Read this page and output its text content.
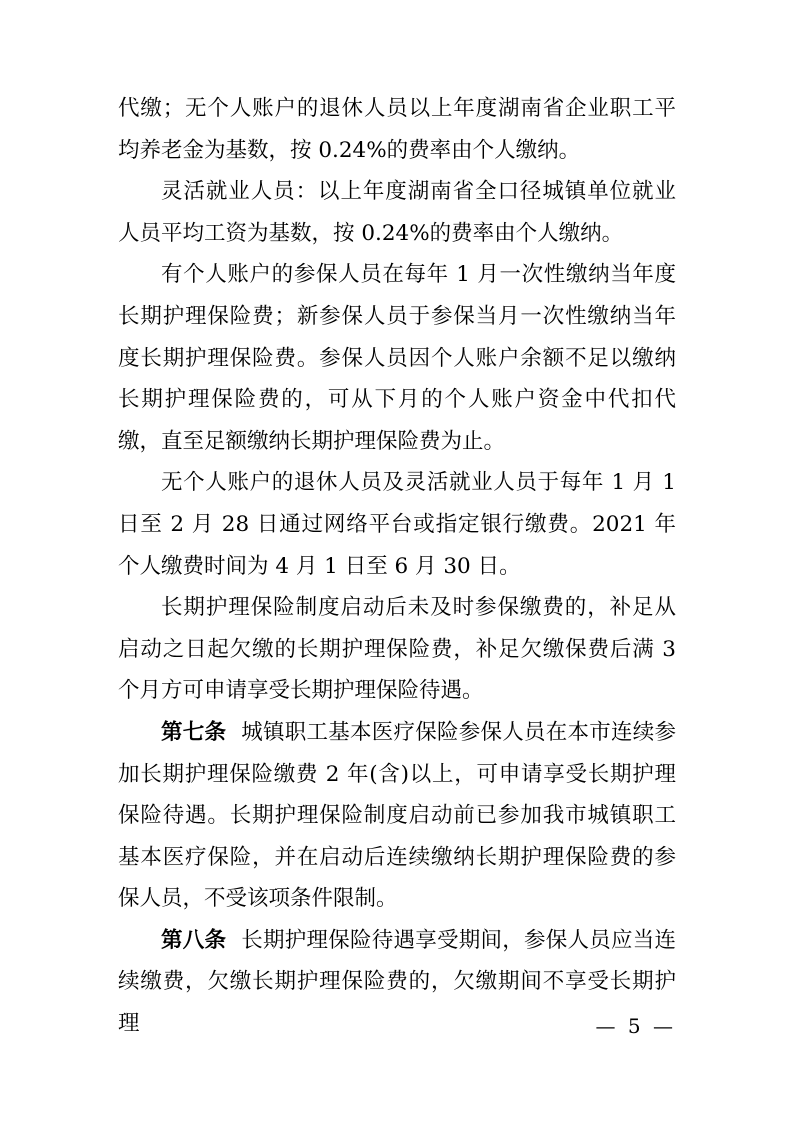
代缴；无个人账户的退休人员以上年度湖南省企业职工平均养老金为基数，按 0.24%的费率由个人缴纳。

灵活就业人员：以上年度湖南省全口径城镇单位就业人员平均工资为基数，按 0.24%的费率由个人缴纳。

有个人账户的参保人员在每年 1 月一次性缴纳当年度长期护理保险费；新参保人员于参保当月一次性缴纳当年度长期护理保险费。参保人员因个人账户余额不足以缴纳长期护理保险费的，可从下月的个人账户资金中代扣代缴，直至足额缴纳长期护理保险费为止。

无个人账户的退休人员及灵活就业人员于每年 1 月 1 日至 2 月 28 日通过网络平台或指定银行缴费。2021 年个人缴费时间为 4 月 1 日至 6 月 30 日。

长期护理保险制度启动后未及时参保缴费的，补足从启动之日起欠缴的长期护理保险费，补足欠缴保费后满 3 个月方可申请享受长期护理保险待遇。

第七条 城镇职工基本医疗保险参保人员在本市连续参加长期护理保险缴费 2 年(含)以上，可申请享受长期护理保险待遇。长期护理保险制度启动前已参加我市城镇职工基本医疗保险，并在启动后连续缴纳长期护理保险费的参保人员，不受该项条件限制。

第八条 长期护理保险待遇享受期间，参保人员应当连续缴费，欠缴长期护理保险费的，欠缴期间不享受长期护理	— 5 —
